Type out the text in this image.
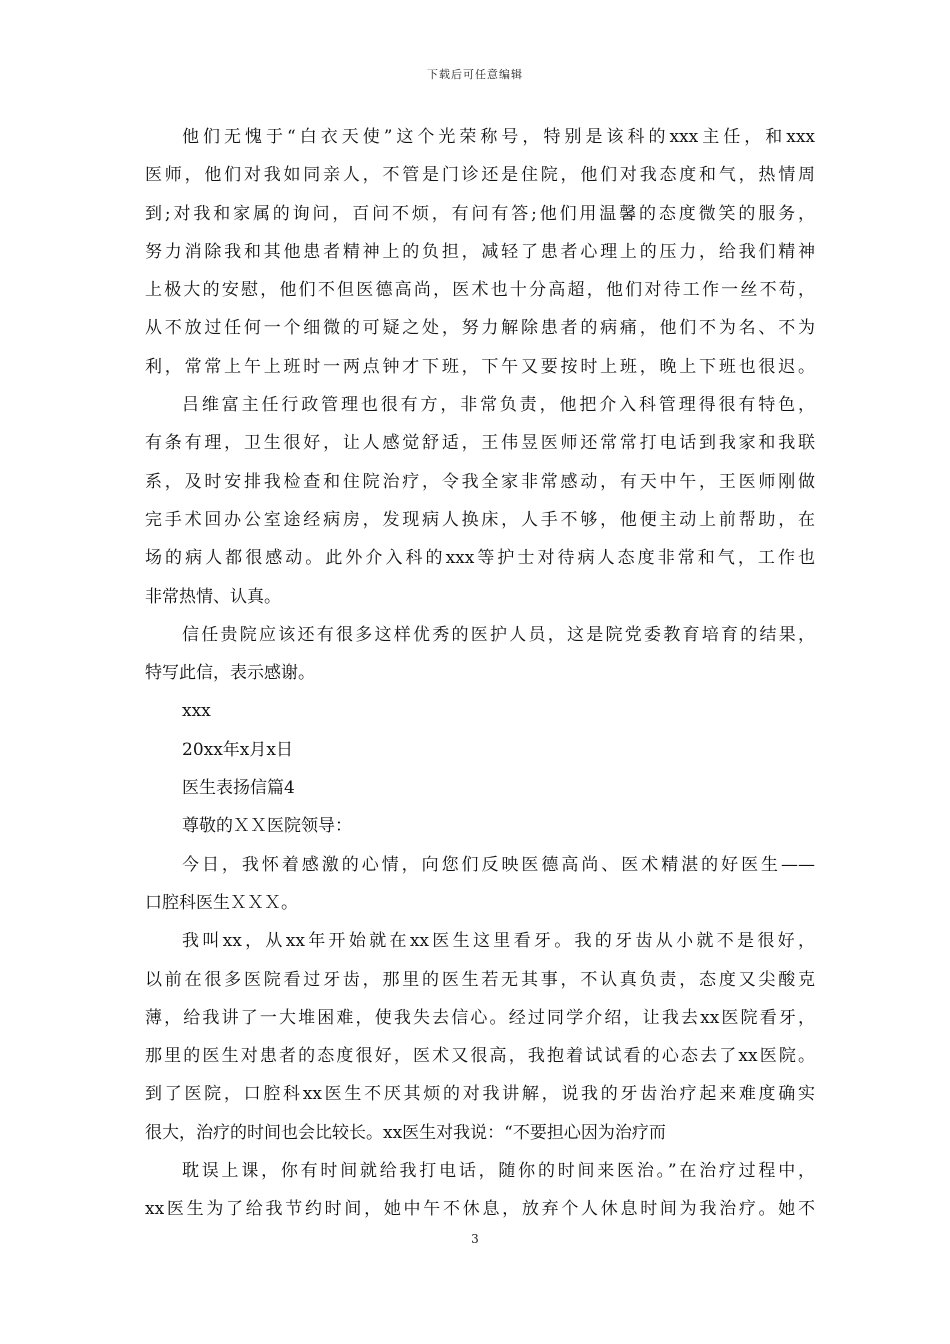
下载后可任意编辑
他们无愧于“白衣天使”这个光荣称号，特别是该科的xxx主任，和xxx
医师，他们对我如同亲人，不管是门诊还是住院，他们对我态度和气，热情周
到;对我和家属的询问，百问不烦，有问有答;他们用温馨的态度微笑的服务，
努力消除我和其他患者精神上的负担，减轻了患者心理上的压力，给我们精神
上极大的安慰，他们不但医德高尚，医术也十分高超，他们对待工作一丝不苟，
从不放过任何一个细微的可疑之处，努力解除患者的病痛，他们不为名、不为
利，常常上午上班时一两点钟才下班，下午又要按时上班，晚上下班也很迟。
吕维富主任行政管理也很有方，非常负责，他把介入科管理得很有特色，
有条有理，卫生很好，让人感觉舒适，王伟昱医师还常常打电话到我家和我联
系，及时安排我检查和住院治疗，令我全家非常感动，有天中午，王医师刚做
完手术回办公室途经病房，发现病人换床，人手不够，他便主动上前帮助，在
场的病人都很感动。此外介入科的xxx等护士对待病人态度非常和气，工作也
非常热情、认真。
信任贵院应该还有很多这样优秀的医护人员，这是院党委教育培育的结果，
特写此信，表示感谢。
xxx
20xx年x月x日
医生表扬信篇4
尊敬的ＸＸ医院领导：
今日，我怀着感激的心情，向您们反映医德高尚、医术精湛的好医生——
口腔科医生ＸＸＸ。
我叫xx，从xx年开始就在xx医生这里看牙。我的牙齿从小就不是很好，
以前在很多医院看过牙齿，那里的医生若无其事，不认真负责，态度又尖酸克
薄，给我讲了一大堆困难，使我失去信心。经过同学介绍，让我去xx医院看牙，
那里的医生对患者的态度很好，医术又很高，我抱着试试看的心态去了xx医院。
到了医院，口腔科xx医生不厌其烦的对我讲解，说我的牙齿治疗起来难度确实
很大，治疗的时间也会比较长。xx医生对我说：“不要担心因为治疗而
耽误上课，你有时间就给我打电话，随你的时间来医治。”在治疗过程中，
xx医生为了给我节约时间，她中午不休息，放弃个人休息时间为我治疗。她不
3
